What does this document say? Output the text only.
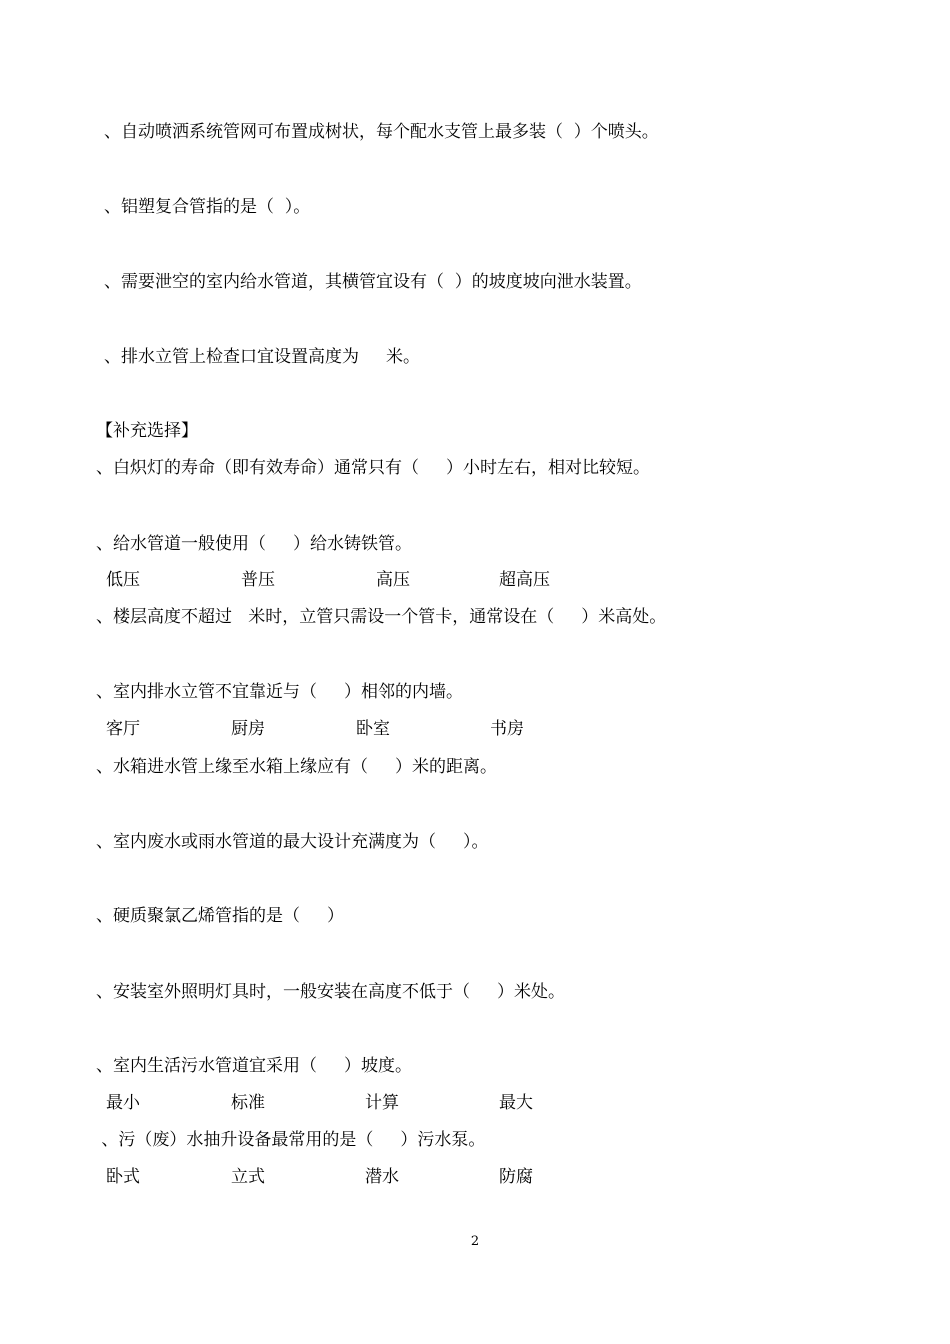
、自动喷洒系统管网可布置成树状，每个配水支管上最多装（  ）个喷头。

、铝塑复合管指的是（  ）。

、需要泄空的室内给水管道，其横管宜设有（  ）的坡度坡向泄水装置。

、排水立管上检查口宜设置高度为     米。

【补充选择】

、白炽灯的寿命（即有效寿命）通常只有（     ）小时左右，相对比较短。

、给水管道一般使用（     ）给水铸铁管。

低压	普压	高压	超高压

、楼层高度不超过   米时，立管只需设一个管卡，通常设在（     ）米高处。

、室内排水立管不宜靠近与（     ）相邻的内墙。

客厅	厨房	卧室	书房

、水箱进水管上缘至水箱上缘应有（     ）米的距离。

、室内废水或雨水管道的最大设计充满度为（     ）。

、硬质聚氯乙烯管指的是（     ）

、安装室外照明灯具时，一般安装在高度不低于（     ）米处。

、室内生活污水管道宜采用（     ）坡度。

最小	标准	计算	最大

、污（废）水抽升设备最常用的是（     ）污水泵。

卧式	立式	潜水	防腐
2
